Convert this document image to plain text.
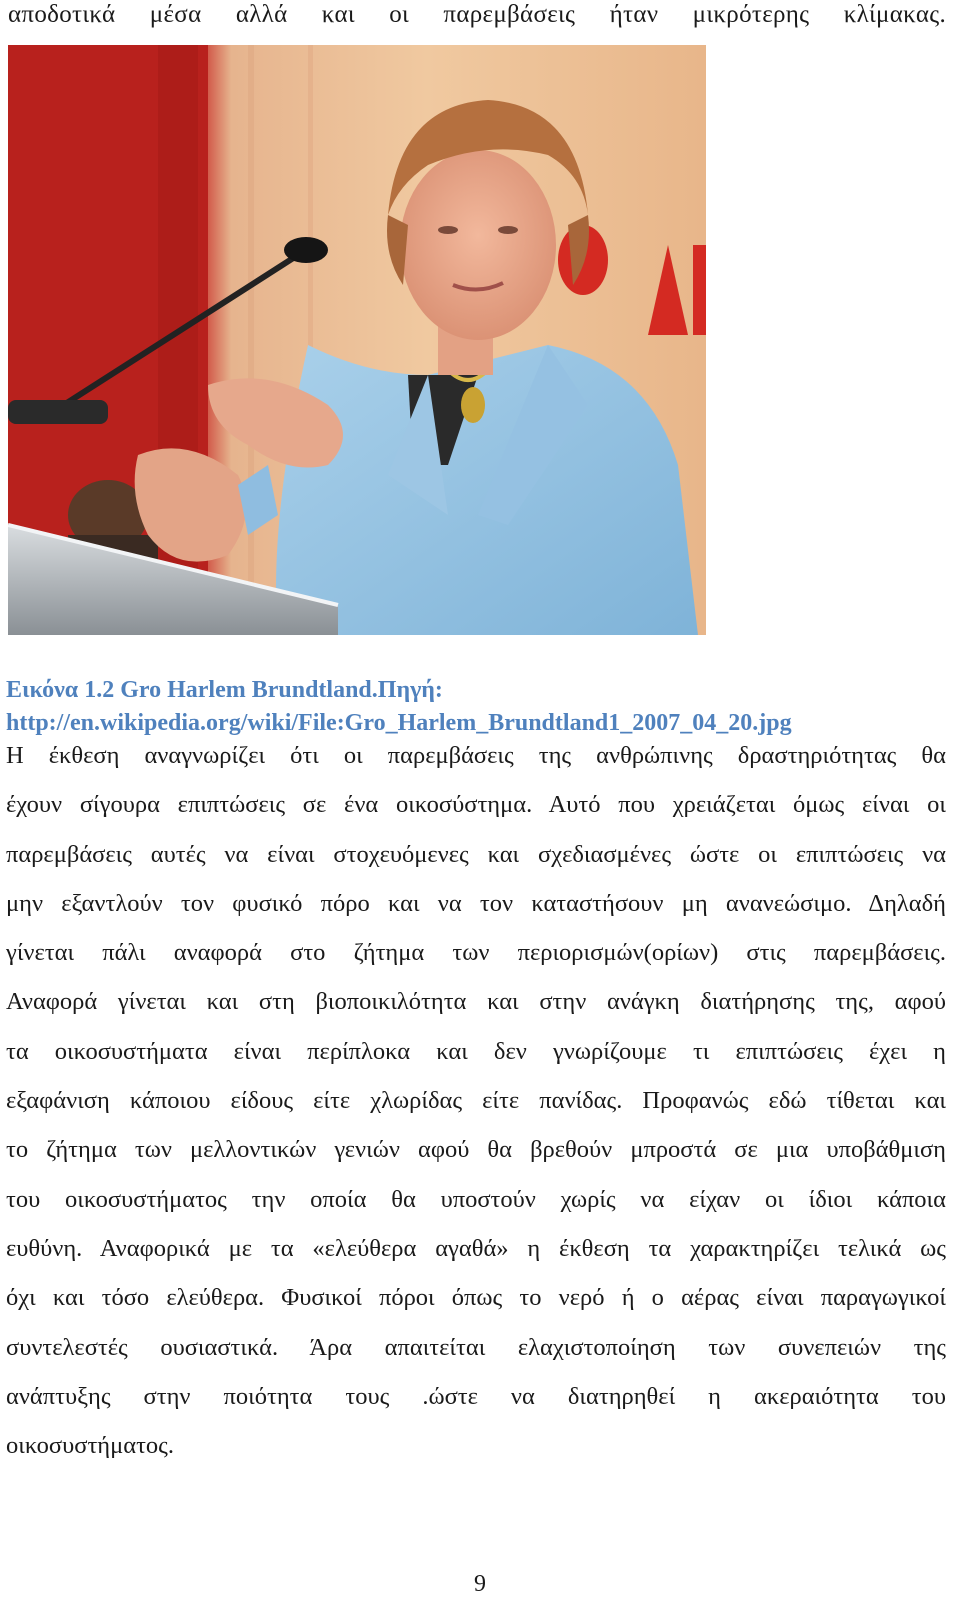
αποδοτικά μέσα αλλά και οι παρεμβάσεις ήταν μικρότερης κλίμακας.
Εικόνα 1.2 Gro Harlem Brundtland.Πηγή:
http://en.wikipedia.org/wiki/File:Gro_Harlem_Brundtland1_2007_04_20.jpg
Η έκθεση αναγνωρίζει ότι οι παρεμβάσεις της ανθρώπινης δραστηριότητας θα
έχουν σίγουρα επιπτώσεις σε ένα οικοσύστημα. Αυτό που χρειάζεται όμως είναι οι
παρεμβάσεις αυτές να είναι στοχευόμενες και σχεδιασμένες ώστε οι επιπτώσεις να
μην εξαντλούν τον φυσικό πόρο και να τον καταστήσουν μη ανανεώσιμο. Δηλαδή
γίνεται πάλι αναφορά στο ζήτημα των περιορισμών(ορίων) στις παρεμβάσεις.
Αναφορά γίνεται και στη βιοποικιλότητα και στην ανάγκη διατήρησης της, αφού
τα οικοσυστήματα είναι περίπλοκα και δεν γνωρίζουμε τι επιπτώσεις έχει η
εξαφάνιση κάποιου είδους είτε χλωρίδας είτε πανίδας. Προφανώς εδώ τίθεται και
το ζήτημα των μελλοντικών γενιών αφού θα βρεθούν μπροστά σε μια υποβάθμιση
του οικοσυστήματος την οποία θα υποστούν χωρίς να είχαν οι ίδιοι κάποια
ευθύνη. Αναφορικά με τα «ελεύθερα αγαθά» η έκθεση τα χαρακτηρίζει τελικά ως
όχι και τόσο ελεύθερα. Φυσικοί πόροι όπως το νερό ή ο αέρας είναι παραγωγικοί
συντελεστές ουσιαστικά. Άρα απαιτείται ελαχιστοποίηση των συνεπειών της
ανάπτυξης στην ποιότητα τους .ώστε να διατηρηθεί η ακεραιότητα του
οικοσυστήματος.
9
